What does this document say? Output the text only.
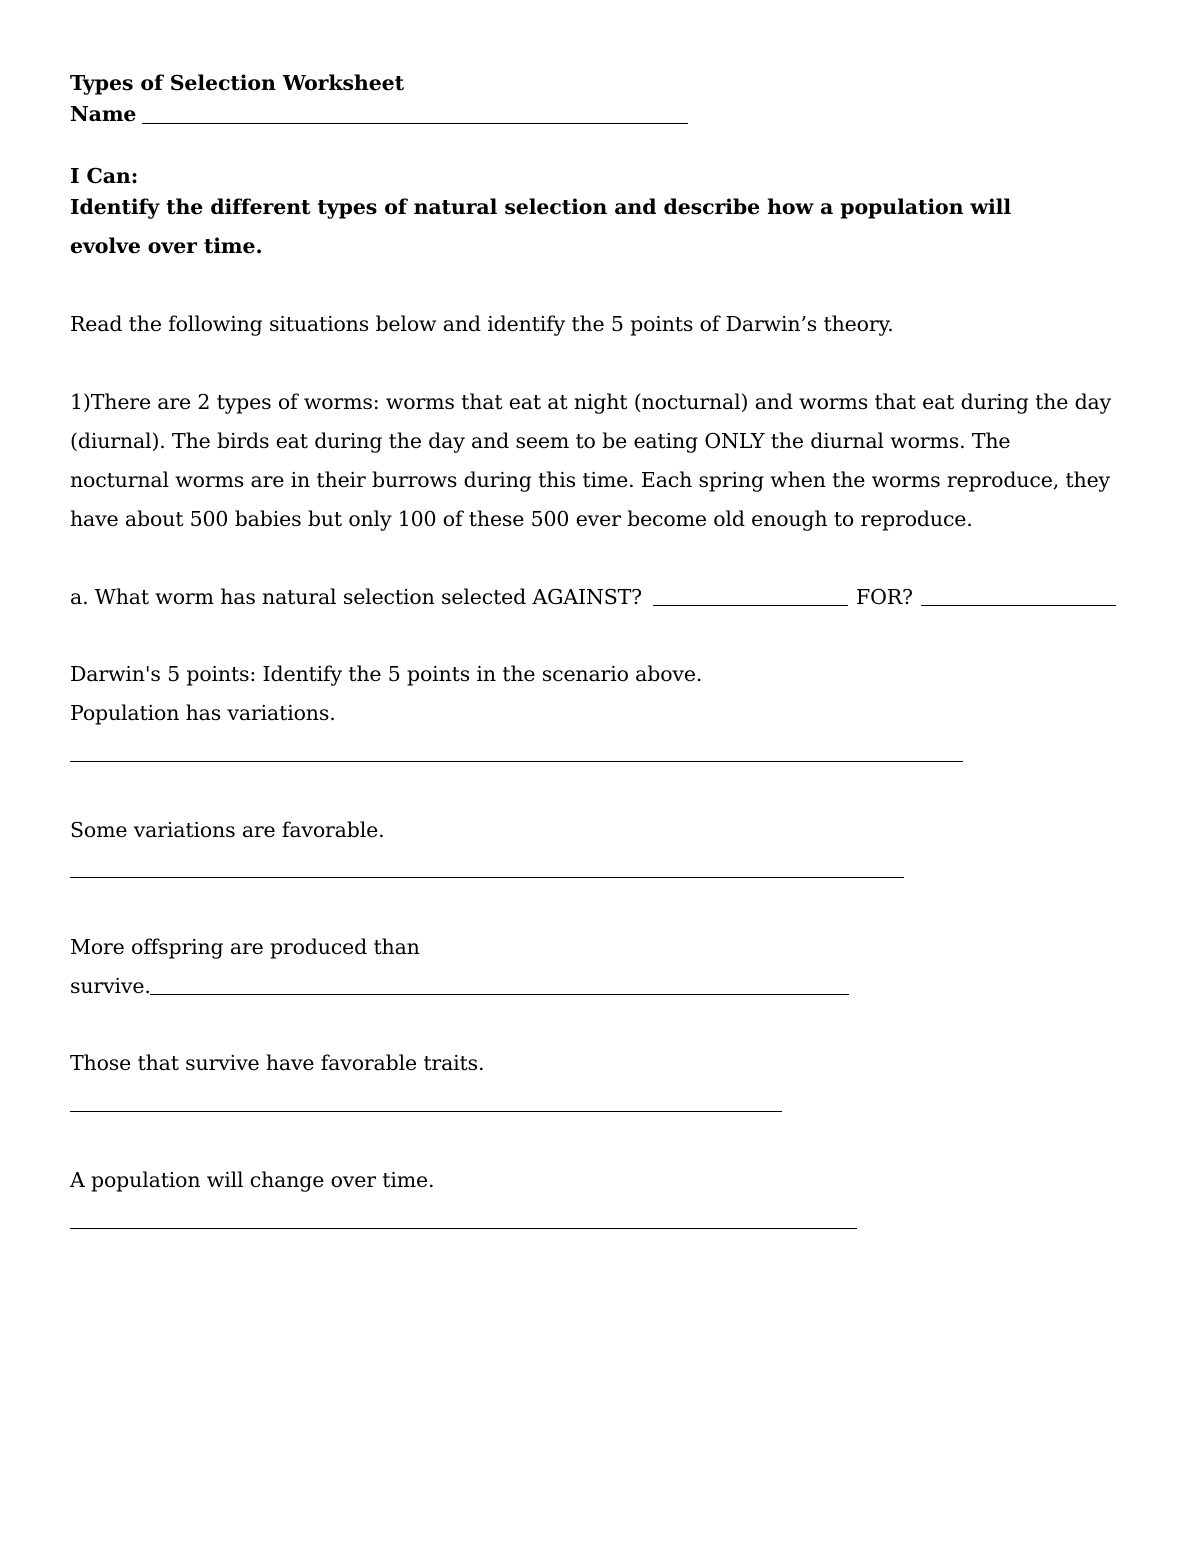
Types of Selection Worksheet
Name
I Can:
Identify the different types of natural selection and describe how a population will
evolve over time.
Read the following situations below and identify the 5 points of Darwin’s theory.
1)There are 2 types of worms: worms that eat at night (nocturnal) and worms that eat during the day
(diurnal). The birds eat during the day and seem to be eating ONLY the diurnal worms. The
nocturnal worms are in their burrows during this time. Each spring when the worms reproduce, they
have about 500 babies but only 100 of these 500 ever become old enough to reproduce.
a. What worm has natural selection selected AGAINST?	FOR?
Darwin's 5 points: Identify the 5 points in the scenario above.
Population has variations.
Some variations are favorable.
More offspring are produced than
survive.
Those that survive have favorable traits.
A population will change over time.
